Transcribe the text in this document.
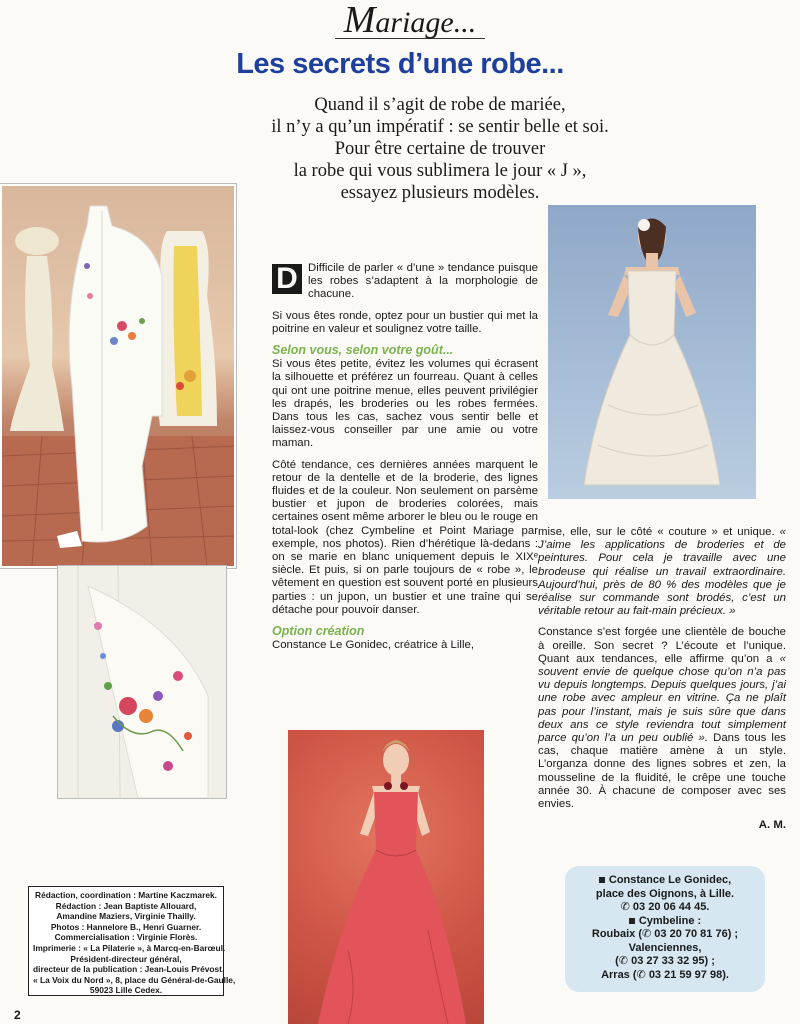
Mariage...
Les secrets d’une robe...
Quand il s’agit de robe de mariée,
il n’y a qu’un impératif : se sentir belle et soi.
Pour être certaine de trouver
la robe qui vous sublimera le jour « J »,
essayez plusieurs modèles.

D Difficile de parler « d’une » tendance puisque les robes s’adaptent à la morphologie de chacune.

Si vous êtes ronde, optez pour un bustier qui met la poitrine en valeur et soulignez votre taille.

Selon vous, selon votre goût...

Si vous êtes petite, évitez les volumes qui écrasent la silhouette et préférez un fourreau. Quant à celles qui ont une poitrine menue, elles peuvent privilégier les drapés, les broderies ou les robes fermées. Dans tous les cas, sachez vous sentir belle et laissez-vous conseiller par une amie ou votre maman.

Côté tendance, ces dernières années marquent le retour de la dentelle et de la broderie, des lignes fluides et de la couleur. Non seulement on parsème bustier et jupon de broderies colorées, mais certaines osent même arborer le bleu ou le rouge en total-look (chez Cymbeline et Point Mariage par exemple, nos photos). Rien d’hérétique là-dedans : on se marie en blanc uniquement depuis le XIXᵉ siècle. Et puis, si on parle toujours de « robe », le vêtement en question est souvent porté en plusieurs parties : un jupon, un bustier et une traîne qui se détache pour pouvoir danser.

Option création

Constance Le Gonidec, créatrice à Lille,

mise, elle, sur le côté « couture » et unique. « J’aime les applications de broderies et de peintures. Pour cela je travaille avec une brodeuse qui réalise un travail extraordinaire. Aujourd’hui, près de 80 % des modèles que je réalise sur commande sont brodés, c’est un véritable retour au fait-main précieux. »

Constance s’est forgée une clientèle de bouche à oreille. Son secret ? L’écoute et l’unique. Quant aux tendances, elle affirme qu’on a « souvent envie de quelque chose qu’on n’a pas vu depuis longtemps. Depuis quelques jours, j’ai une robe avec ampleur en vitrine. Ça ne plaît pas pour l’instant, mais je suis sûre que dans deux ans ce style reviendra tout simplement parce qu’on l’a un peu oublié ». Dans tous les cas, chaque matière amène à un style. L’organza donne des lignes sobres et zen, la mousseline de la fluidité, le crêpe une touche année 30. À chacune de composer avec ses envies.

A. M.
Rédaction, coordination : Martine Kaczmarek.
Rédaction : Jean Baptiste Allouard,
Amandine Maziers, Virginie Thailly.
Photos : Hannelore B., Henri Guarner.
Commercialisation : Virginie Florès.
Imprimerie : « La Pilaterie », à Marcq-en-Barœul.
Président-directeur général,
directeur de la publication : Jean-Louis Prévost.
« La Voix du Nord », 8, place du Général-de-Gaulle,
59023 Lille Cedex.
Constance Le Gonidec,
place des Oignons, à Lille.
✆ 03 20 06 44 45.
Cymbeline :
Roubaix (✆ 03 20 70 81 76) ;
Valenciennes,
(✆ 03 27 33 32 95) ;
Arras (✆ 03 21 59 97 98).
2
